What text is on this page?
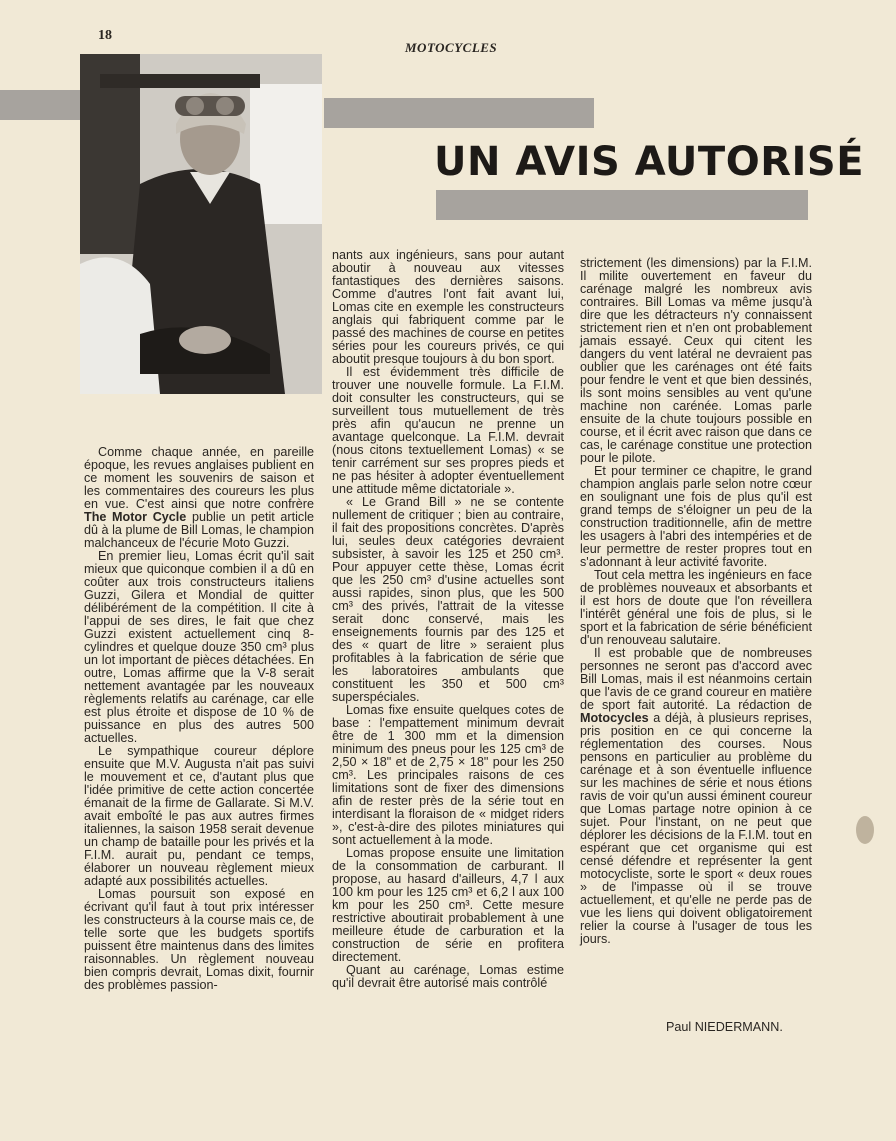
18
MOTOCYCLES
UN AVIS AUTORISÉ

Comme chaque année, en pareille époque, les revues anglaises publient en ce moment les souvenirs de saison et les commentaires des coureurs les plus en vue. C'est ainsi que notre confrère The Motor Cycle publie un petit article dû à la plume de Bill Lomas, le champion malchanceux de l'écurie Moto Guzzi.

En premier lieu, Lomas écrit qu'il sait mieux que quiconque combien il a dû en coûter aux trois constructeurs italiens Guzzi, Gilera et Mondial de quitter délibérément de la compétition. Il cite à l'appui de ses dires, le fait que chez Guzzi existent actuellement cinq 8-cylindres et quelque douze 350 cm³ plus un lot important de pièces détachées. En outre, Lomas affirme que la V-8 serait nettement avantagée par les nouveaux règlements relatifs au carénage, car elle est plus étroite et dispose de 10 % de puissance en plus des autres 500 actuelles.

Le sympathique coureur déplore ensuite que M.V. Augusta n'ait pas suivi le mouvement et ce, d'autant plus que l'idée primitive de cette action concertée émanait de la firme de Gallarate. Si M.V. avait emboîté le pas aux autres firmes italiennes, la saison 1958 serait devenue un champ de bataille pour les privés et la F.I.M. aurait pu, pendant ce temps, élaborer un nouveau règlement mieux adapté aux possibilités actuelles.

Lomas poursuit son exposé en écrivant qu'il faut à tout prix intéresser les constructeurs à la course mais ce, de telle sorte que les budgets sportifs puissent être maintenus dans des limites raisonnables. Un règlement nouveau bien compris devrait, Lomas dixit, fournir des problèmes passion-

nants aux ingénieurs, sans pour autant aboutir à nouveau aux vitesses fantastiques des dernières saisons. Comme d'autres l'ont fait avant lui, Lomas cite en exemple les constructeurs anglais qui fabriquent comme par le passé des machines de course en petites séries pour les coureurs privés, ce qui aboutit presque toujours à du bon sport.

Il est évidemment très difficile de trouver une nouvelle formule. La F.I.M. doit consulter les constructeurs, qui se surveillent tous mutuellement de très près afin qu'aucun ne prenne un avantage quelconque. La F.I.M. devrait (nous citons textuellement Lomas) « se tenir carrément sur ses propres pieds et ne pas hésiter à adopter éventuellement une attitude même dictatoriale ».

« Le Grand Bill » ne se contente nullement de critiquer ; bien au contraire, il fait des propositions concrètes. D'après lui, seules deux catégories devraient subsister, à savoir les 125 et 250 cm³. Pour appuyer cette thèse, Lomas écrit que les 250 cm³ d'usine actuelles sont aussi rapides, sinon plus, que les 500 cm³ des privés, l'attrait de la vitesse serait donc conservé, mais les enseignements fournis par des 125 et des « quart de litre » seraient plus profitables à la fabrication de série que les laboratoires ambulants que constituent les 350 et 500 cm³ superspéciales.

Lomas fixe ensuite quelques cotes de base : l'empattement minimum devrait être de 1 300 mm et la dimension minimum des pneus pour les 125 cm³ de 2,50 × 18" et de 2,75 × 18" pour les 250 cm³. Les principales raisons de ces limitations sont de fixer des dimensions afin de rester près de la série tout en interdisant la floraison de « midget riders », c'est-à-dire des pilotes miniatures qui sont actuellement à la mode.

Lomas propose ensuite une limitation de la consommation de carburant. Il propose, au hasard d'ailleurs, 4,7 l aux 100 km pour les 125 cm³ et 6,2 l aux 100 km pour les 250 cm³. Cette mesure restrictive aboutirait probablement à une meilleure étude de carburation et la construction de série en profitera directement.

Quant au carénage, Lomas estime qu'il devrait être autorisé mais contrôlé

strictement (les dimensions) par la F.I.M. Il milite ouvertement en faveur du carénage malgré les nombreux avis contraires. Bill Lomas va même jusqu'à dire que les détracteurs n'y connaissent strictement rien et n'en ont probablement jamais essayé. Ceux qui citent les dangers du vent latéral ne devraient pas oublier que les carénages ont été faits pour fendre le vent et que bien dessinés, ils sont moins sensibles au vent qu'une machine non carénée. Lomas parle ensuite de la chute toujours possible en course, et il écrit avec raison que dans ce cas, le carénage constitue une protection pour le pilote.

Et pour terminer ce chapitre, le grand champion anglais parle selon notre cœur en soulignant une fois de plus qu'il est grand temps de s'éloigner un peu de la construction traditionnelle, afin de mettre les usagers à l'abri des intempéries et de leur permettre de rester propres tout en s'adonnant à leur activité favorite.

Tout cela mettra les ingénieurs en face de problèmes nouveaux et absorbants et il est hors de doute que l'on réveillera l'intérêt général une fois de plus, si le sport et la fabrication de série bénéficient d'un renouveau salutaire.

Il est probable que de nombreuses personnes ne seront pas d'accord avec Bill Lomas, mais il est néanmoins certain que l'avis de ce grand coureur en matière de sport fait autorité. La rédaction de Motocycles a déjà, à plusieurs reprises, pris position en ce qui concerne la réglementation des courses. Nous pensons en particulier au problème du carénage et à son éventuelle influence sur les machines de série et nous étions ravis de voir qu'un aussi éminent coureur que Lomas partage notre opinion à ce sujet. Pour l'instant, on ne peut que déplorer les décisions de la F.I.M. tout en espérant que cet organisme qui est censé défendre et représenter la gent motocycliste, sorte le sport « deux roues » de l'impasse où il se trouve actuellement, et qu'elle ne perde pas de vue les liens qui doivent obligatoirement relier la course à l'usager de tous les jours.

Paul NIEDERMANN.
